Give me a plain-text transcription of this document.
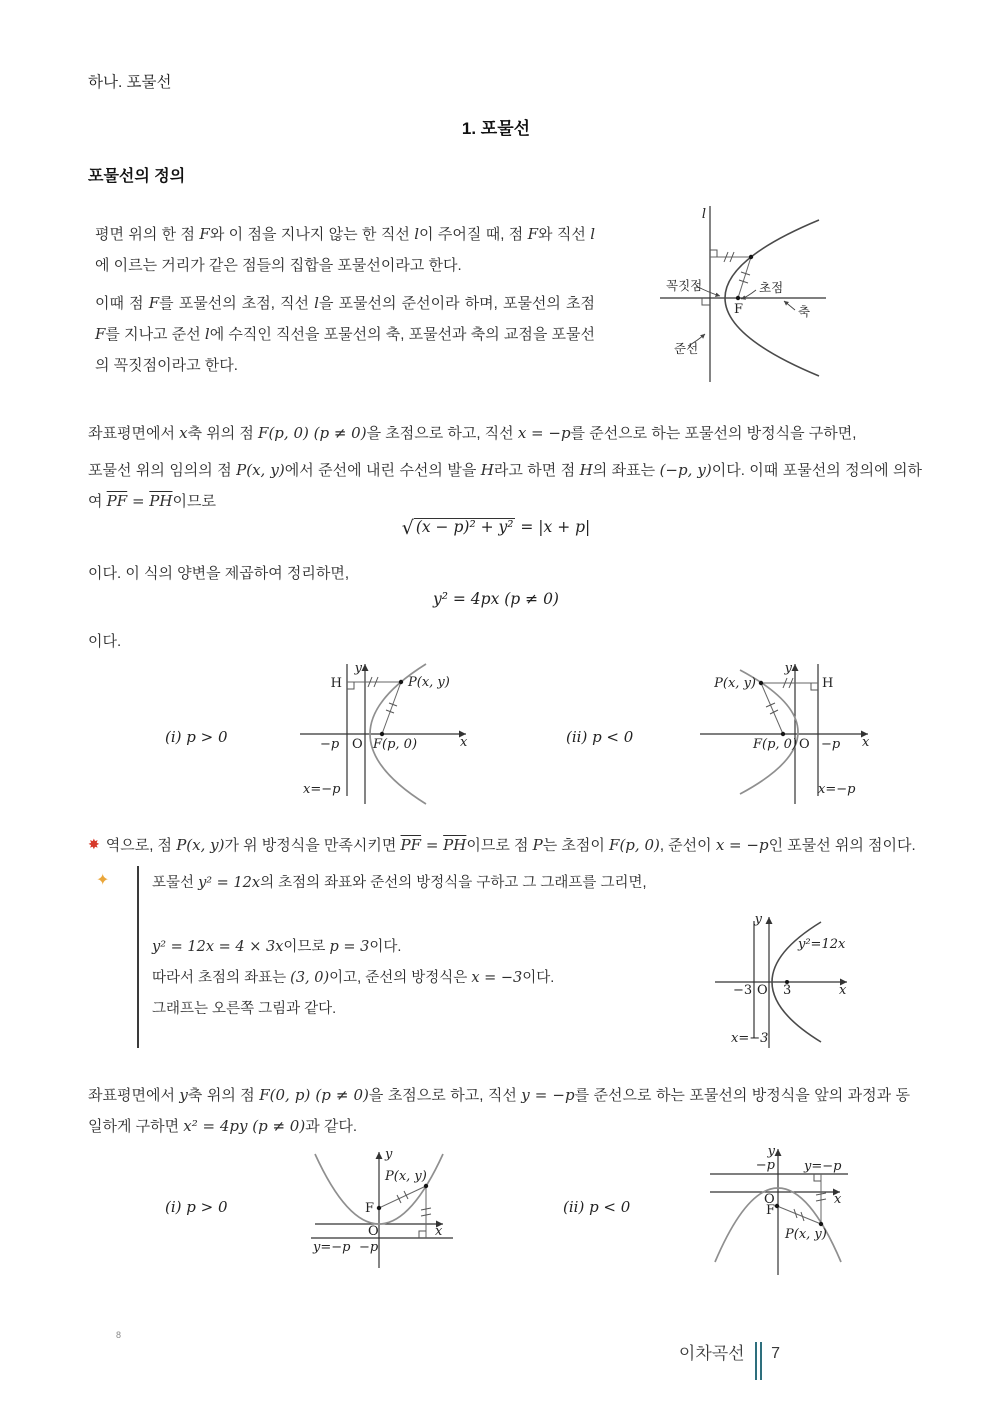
하나. 포물선
1. 포물선
포물선의 정의

평면 위의 한 점 F와 이 점을 지나지 않는 한 직선 l이 주어질 때, 점 F와 직선 l에 이르는 거리가 같은 점들의 집합을 포물선이라고 한다.

이때 점 F를 포물선의 초점, 직선 l을 포물선의 준선이라 하며, 포물선의 초점 F를 지나고 준선 l에 수직인 직선을 포물선의 축, 포물선과 축의 교점을 포물선의 꼭짓점이라고 한다.

l
꼭짓점	초점
축
준선
F
좌표평면에서 x축 위의 점 F(p, 0) (p ≠ 0)을 초점으로 하고, 직선 x = −p를 준선으로 하는 포물선의 방정식을 구하면,
포물선 위의 임의의 점 P(x, y)에서 준선에 내린 수선의 발을 H라고 하면 점 H의 좌표는 (−p, y)이다. 이때 포물선의 정의에 의하여 $\overline{PF} = \overline{PH}$이므로
√ (x − p)² + y² = |x + p|
이다. 이 식의 양변을 제곱하여 정리하면,
y² = 4px (p ≠ 0)
이다.
(i) p > 0
H
y
P(x, y)
−p O F(p, 0)	x
x=−p
(ii) p < 0
P(x, y)
y
H
F(p, 0) O −p x
x=−p
✸ 역으로, 점 P(x, y)가 위 방정식을 만족시키면 $\overline{PF} = \overline{PH}$이므로 점 P는 초점이 F(p, 0), 준선이 x = −p인 포물선 위의 점이다.
✦	포물선 y² = 12x의 초점의 좌표와 준선의 방정식을 구하고 그 그래프를 그리면,
y² = 12x = 4 × 3x이므로 p = 3이다.
따라서 초점의 좌표는 (3, 0)이고, 준선의 방정식은 x = −3이다.
그래프는 오른쪽 그림과 같다.
y
y²=12x
−3 O 3	x
x=−3
좌표평면에서 y축 위의 점 F(0, p) (p ≠ 0)을 초점으로 하고, 직선 y = −p를 준선으로 하는 포물선의 방정식을 앞의 과정과 동일하게 구하면 x² = 4py (p ≠ 0)과 같다.
(i) p > 0
y
P(x, y)
F
O	x
y=−p −p
(ii) p < 0
y
−p y=−p
O
F
x
P(x, y)
8
이차곡선 7
